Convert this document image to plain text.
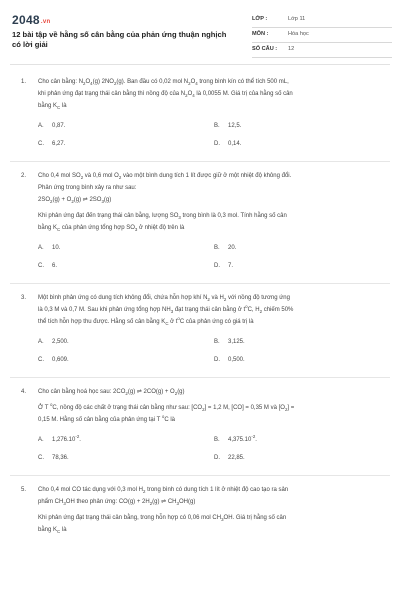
2048.vn
12 bài tập về hằng số cân bằng của phản ứng thuận nghịch có lời giải
LỚP :	Lớp 11
MÔN :	Hóa học
SỐ CÂU : 12
1. Cho cân bằng: $N_2O_4(g)$ $2NO_2(g)$. Ban đầu có 0,02 mol $N_2O_4$ trong bình kín có thể tích 500 mL,

khi phản ứng đạt trạng thái cân bằng thì nồng độ của $N_2O_4$ là 0,0055 M. Giá trị của hằng số cân

bằng $K_C$ là

A. 0,87.	B. 12,5.
C. 6,27.	D. 0,14.
2. Cho 0,4 mol $SO_2$ và 0,6 mol $O_2$ vào một bình dung tích 1 lít được giữ ở một nhiệt độ không đổi.

Phản ứng trong bình xảy ra như sau:

$2SO_2(g) + O_2(g)$ ⇌ $2SO_3(g)$

Khi phản ứng đạt đến trạng thái cân bằng, lượng $SO_3$ trong bình là 0,3 mol. Tính hằng số cân

bằng $K_C$ của phản ứng tổng hợp $SO_3$ ở nhiệt độ trên là

A. 10.	B. 20.
C. 6.	D. 7.
3. Một bình phản ứng có dung tích không đổi, chứa hỗn hợp khí $N_2$ và $H_2$ với nồng độ tương ứng

là 0,3 M và 0,7 M. Sau khi phản ứng tổng hợp $NH_3$ đạt trạng thái cân bằng ở $t^oC$, $H_2$ chiếm 50%

thể tích hỗn hợp thu được. Hằng số cân bằng $K_C$ ở $t^oC$ của phản ứng có giá trị là

A. 2,500.	B. 3,125.
C. 0,609.	D. 0,500.
4. Cho cân bằng hoá học sau: $2CO_2(g)$ ⇌ $2CO(g) + O_2(g)$

Ở T $^o$C, nồng độ các chất ở trạng thái cân bằng như sau: $[CO_2] = 1,2$ M, [CO] = 0,35 M và $[O_2]$ =

0,15 M. Hằng số cân bằng của phản ứng tại T $^o$C là

A. $1,276.10^{-2}$.	B. $4,375.10^{-2}$.
C. 78,36.	D. 22,85.
5. Cho 0,4 mol CO tác dụng với 0,3 mol $H_2$ trong bình có dung tích 1 lít ở nhiệt độ cao tạo ra sản

phẩm $CH_3OH$ theo phản ứng: $CO(g) + 2H_2(g)$ ⇌ $CH_3OH(g)$

Khi phản ứng đạt trạng thái cân bằng, trong hỗn hợp có 0,06 mol $CH_3OH$. Giá trị hằng số cân

bằng $K_C$ là
